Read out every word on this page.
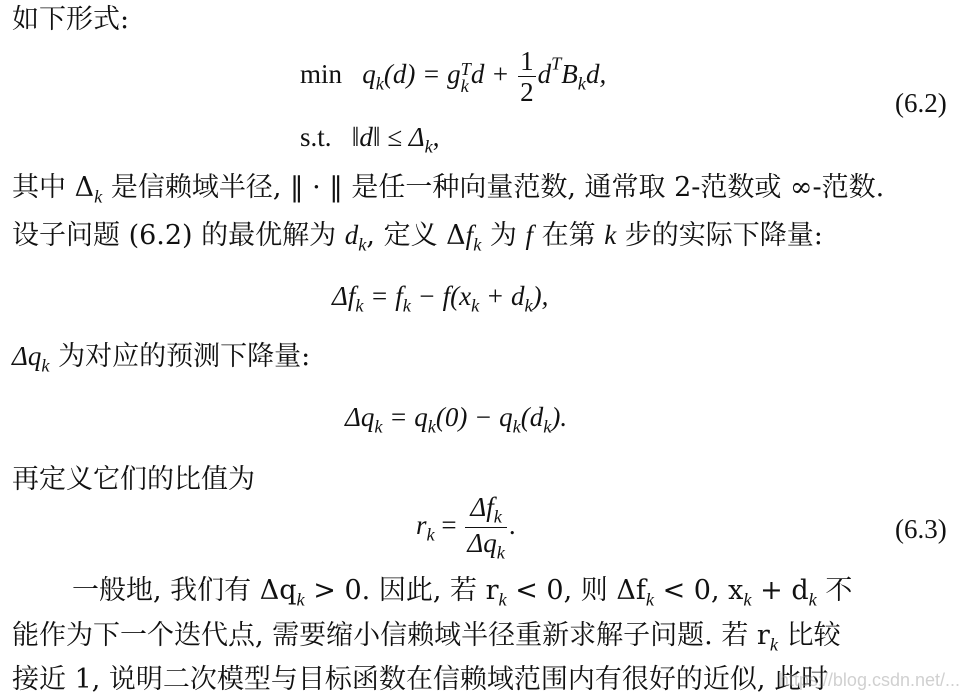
如下形式:
$\min q_k(d)$ = gT
kd + $\frac{1}{2} d^TB_kd$,
(6.2)
s.t. ‖d‖ ≤ $\Delta_k$,
其中 $\Delta_k$ 是信赖域半径, ‖ · ‖ 是任一种向量范数, 通常取 2-范数或 ∞-范数.
设子问题 (6.2) 的最优解为 $d_k$, 定义 $\Delta f_k$ 为 f 在第 k 步的实际下降量:
$\Delta f_k = f_k - f(x_k + d_k)$,
$\Delta q_k$ 为对应的预测下降量:
$\Delta q_k = q_k(0) - q_k(d_k)$.
再定义它们的比值为
$r_k = \frac{\Delta f_k}{\Delta q_k}$ .	(6.3)
一般地, 我们有 $\Delta q_k > 0$. 因此, 若 $r_k < 0$, 则 $\Delta f_k < 0$, $x_k + d_k$ 不
能作为下一个迭代点, 需要缩小信赖域半径重新求解子问题. 若 $r_k$ 比较
接近 1, 说明二次模型与目标函数在信赖域范围内有很好的近似, 此时
https://blog.csdn.net/...
